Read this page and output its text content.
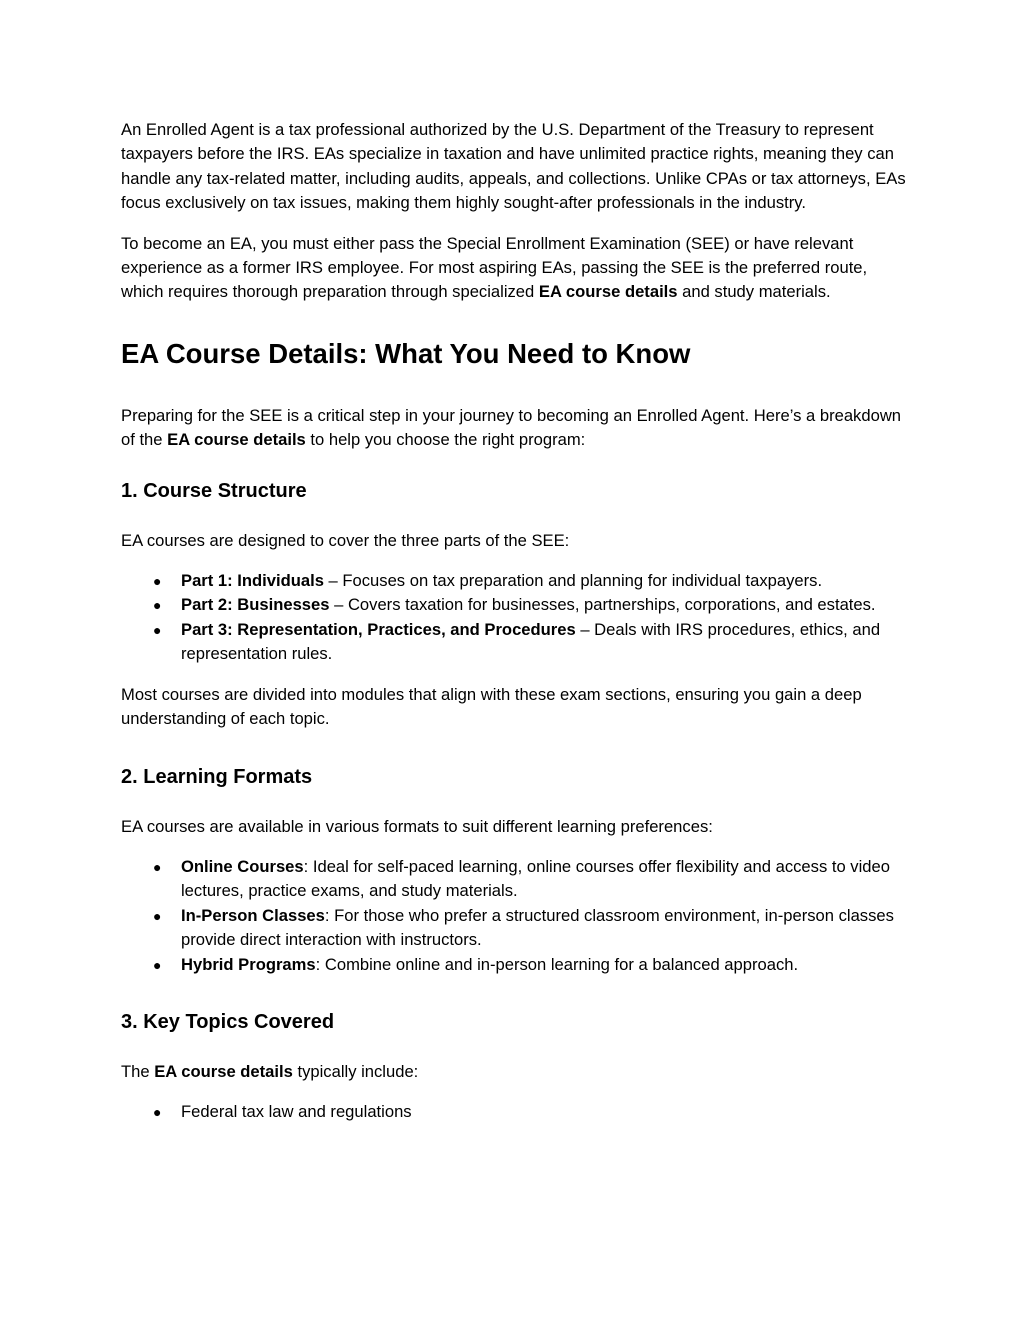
An Enrolled Agent is a tax professional authorized by the U.S. Department of the Treasury to represent taxpayers before the IRS. EAs specialize in taxation and have unlimited practice rights, meaning they can handle any tax-related matter, including audits, appeals, and collections. Unlike CPAs or tax attorneys, EAs focus exclusively on tax issues, making them highly sought-after professionals in the industry.

To become an EA, you must either pass the Special Enrollment Examination (SEE) or have relevant experience as a former IRS employee. For most aspiring EAs, passing the SEE is the preferred route, which requires thorough preparation through specialized EA course details and study materials.

EA Course Details: What You Need to Know

Preparing for the SEE is a critical step in your journey to becoming an Enrolled Agent. Here’s a breakdown of the EA course details to help you choose the right program:

1. Course Structure

EA courses are designed to cover the three parts of the SEE:

● Part 1: Individuals – Focuses on tax preparation and planning for individual taxpayers.
● Part 2: Businesses – Covers taxation for businesses, partnerships, corporations, and estates.
● Part 3: Representation, Practices, and Procedures – Deals with IRS procedures, ethics, and representation rules.

Most courses are divided into modules that align with these exam sections, ensuring you gain a deep understanding of each topic.

2. Learning Formats

EA courses are available in various formats to suit different learning preferences:

● Online Courses: Ideal for self-paced learning, online courses offer flexibility and access to video lectures, practice exams, and study materials.
● In-Person Classes: For those who prefer a structured classroom environment, in-person classes provide direct interaction with instructors.
● Hybrid Programs: Combine online and in-person learning for a balanced approach.

3. Key Topics Covered

The EA course details typically include:

● Federal tax law and regulations
